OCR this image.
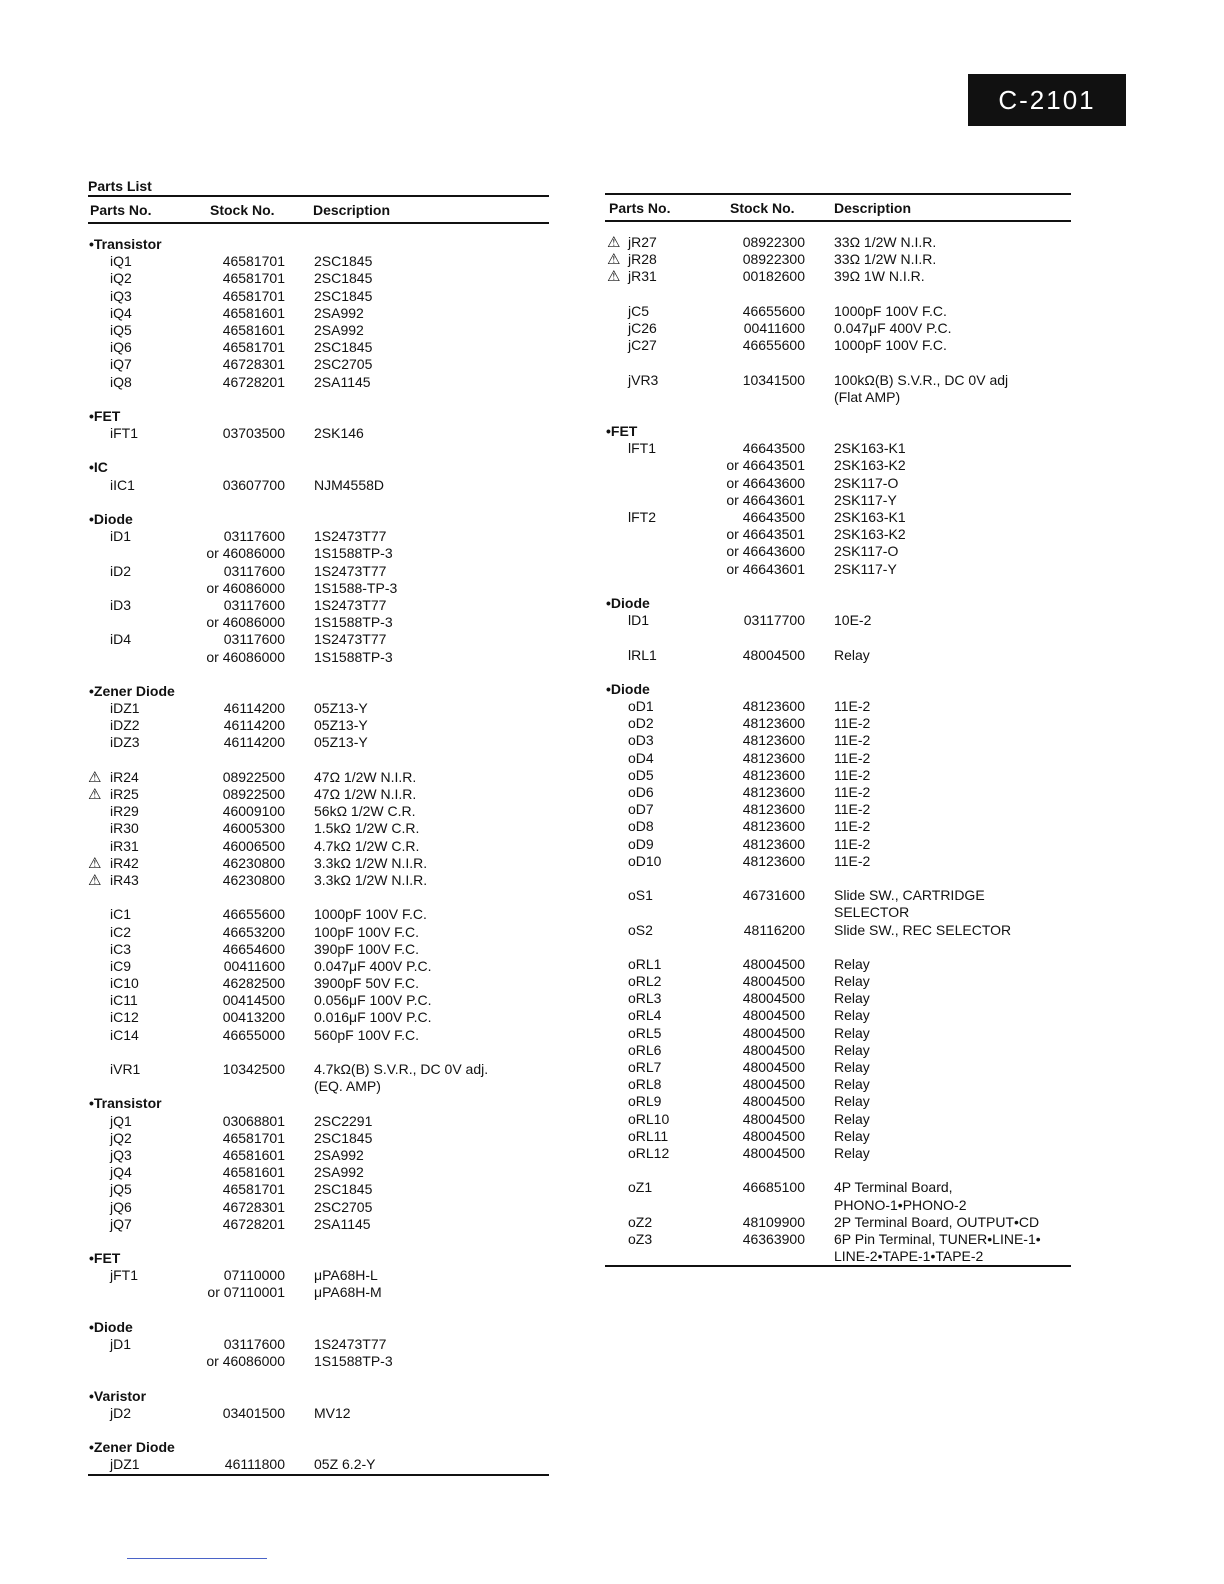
C-2101
Parts List
Parts No.	Stock No.	Description
•Transistor
iQ1	46581701 2SC1845
iQ2	46581701 2SC1845
iQ3	46581701 2SC1845
iQ4	46581601 2SA992
iQ5	46581601 2SA992
iQ6	46581701 2SC1845
iQ7	46728301 2SC2705
iQ8	46728201 2SA1145
•FET
iFT1	03703500 2SK146
•IC
iIC1	03607700 NJM4558D
•Diode
iD1	03117600 1S2473T77
or 46086000 1S1588TP-3
iD2	03117600 1S2473T77
or 46086000 1S1588-TP-3
iD3	03117600 1S2473T77
or 46086000 1S1588TP-3
iD4	03117600 1S2473T77
or 46086000 1S1588TP-3
•Zener Diode
iDZ1	46114200 05Z13-Y
iDZ2	46114200 05Z13-Y
iDZ3	46114200 05Z13-Y
⚠ iR24	08922500 47Ω 1/2W N.I.R.
⚠ iR25	08922500 47Ω 1/2W N.I.R.
iR29	46009100 56kΩ 1/2W C.R.
iR30	46005300 1.5kΩ 1/2W C.R.
iR31	46006500 4.7kΩ 1/2W C.R.
⚠ iR42	46230800 3.3kΩ 1/2W N.I.R.
⚠ iR43	46230800 3.3kΩ 1/2W N.I.R.
iC1	46655600 1000pF 100V F.C.
iC2	46653200 100pF 100V F.C.
iC3	46654600 390pF 100V F.C.
iC9	00411600 0.047μF 400V P.C.
iC10	46282500 3900pF 50V F.C.
iC11	00414500 0.056μF 100V P.C.
iC12	00413200 0.016μF 100V P.C.
iC14	46655000 560pF 100V F.C.
iVR1	10342500 4.7kΩ(B) S.V.R., DC 0V adj.
(EQ. AMP)
•Transistor
jQ1	03068801 2SC2291
jQ2	46581701 2SC1845
jQ3	46581601 2SA992
jQ4	46581601 2SA992
jQ5	46581701 2SC1845
jQ6	46728301 2SC2705
jQ7	46728201 2SA1145
•FET
jFT1	07110000 μPA68H-L
or 07110001 μPA68H-M
•Diode
jD1	03117600 1S2473T77
or 46086000 1S1588TP-3
•Varistor
jD2	03401500 MV12
•Zener Diode
jDZ1	46111800 05Z 6.2-Y
Parts No.	Stock No.	Description
⚠ jR27	08922300 33Ω 1/2W N.I.R.
⚠ jR28	08922300 33Ω 1/2W N.I.R.
⚠ jR31	00182600 39Ω 1W N.I.R.
jC5	46655600 1000pF 100V F.C.
jC26	00411600 0.047μF 400V P.C.
jC27	46655600 1000pF 100V F.C.
jVR3	10341500 100kΩ(B) S.V.R., DC 0V adj
(Flat AMP)
•FET
lFT1	46643500 2SK163-K1
or 46643501 2SK163-K2
or 46643600 2SK117-O
or 46643601 2SK117-Y
lFT2	46643500 2SK163-K1
or 46643501 2SK163-K2
or 46643600 2SK117-O
or 46643601 2SK117-Y
•Diode
lD1	03117700 10E-2
lRL1	48004500 Relay
•Diode
oD1	48123600 11E-2
oD2	48123600 11E-2
oD3	48123600 11E-2
oD4	48123600 11E-2
oD5	48123600 11E-2
oD6	48123600 11E-2
oD7	48123600 11E-2
oD8	48123600 11E-2
oD9	48123600 11E-2
oD10	48123600 11E-2
oS1	46731600 Slide SW., CARTRIDGE
SELECTOR
oS2	48116200 Slide SW., REC SELECTOR
oRL1	48004500 Relay
oRL2	48004500 Relay
oRL3	48004500 Relay
oRL4	48004500 Relay
oRL5	48004500 Relay
oRL6	48004500 Relay
oRL7	48004500 Relay
oRL8	48004500 Relay
oRL9	48004500 Relay
oRL10	48004500 Relay
oRL11	48004500 Relay
oRL12	48004500 Relay
oZ1	46685100 4P Terminal Board,
PHONO-1•PHONO-2
oZ2	48109900 2P Terminal Board, OUTPUT•CD
oZ3	46363900 6P Pin Terminal, TUNER•LINE-1•
LINE-2•TAPE-1•TAPE-2
